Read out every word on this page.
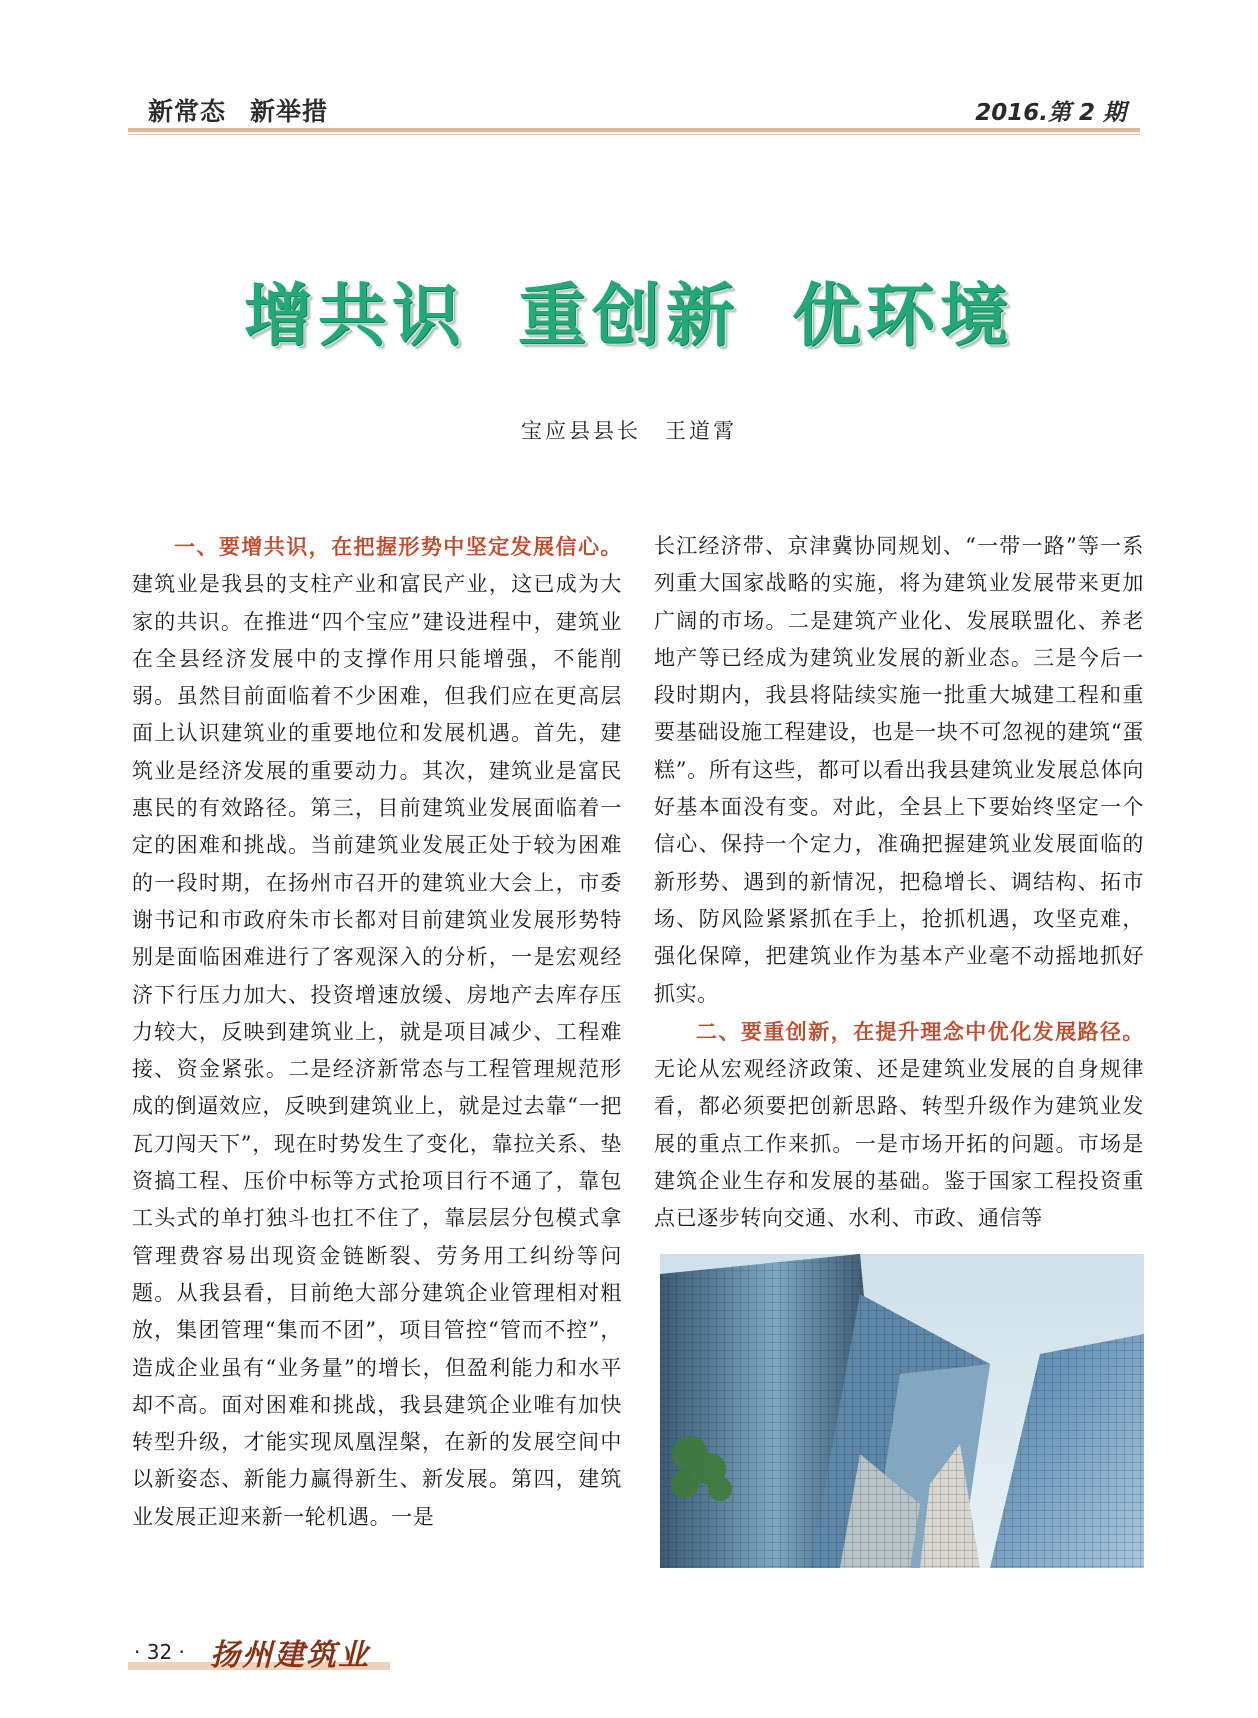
新常态 新举措	2016.第 2 期
增共识 重创新 优环境
宝应县县长 王道霄

一、要增共识，在把握形势中坚定发展信心。建筑业是我县的支柱产业和富民产业，这已成为大家的共识。在推进“四个宝应”建设进程中，建筑业在全县经济发展中的支撑作用只能增强，不能削弱。虽然目前面临着不少困难，但我们应在更高层面上认识建筑业的重要地位和发展机遇。首先，建筑业是经济发展的重要动力。其次，建筑业是富民惠民的有效路径。第三，目前建筑业发展面临着一定的困难和挑战。当前建筑业发展正处于较为困难的一段时期，在扬州市召开的建筑业大会上，市委谢书记和市政府朱市长都对目前建筑业发展形势特别是面临困难进行了客观深入的分析，一是宏观经济下行压力加大、投资增速放缓、房地产去库存压力较大，反映到建筑业上，就是项目减少、工程难接、资金紧张。二是经济新常态与工程管理规范形成的倒逼效应，反映到建筑业上，就是过去靠“一把瓦刀闯天下”，现在时势发生了变化，靠拉关系、垫资搞工程、压价中标等方式抢项目行不通了，靠包工头式的单打独斗也扛不住了，靠层层分包模式拿管理费容易出现资金链断裂、劳务用工纠纷等问题。从我县看，目前绝大部分建筑企业管理相对粗放，集团管理“集而不团”，项目管控“管而不控”，造成企业虽有“业务量”的增长，但盈利能力和水平却不高。面对困难和挑战，我县建筑企业唯有加快转型升级，才能实现凤凰涅槃，在新的发展空间中以新姿态、新能力赢得新生、新发展。第四，建筑业发展正迎来新一轮机遇。一是

长江经济带、京津冀协同规划、“一带一路”等一系列重大国家战略的实施，将为建筑业发展带来更加广阔的市场。二是建筑产业化、发展联盟化、养老地产等已经成为建筑业发展的新业态。三是今后一段时期内，我县将陆续实施一批重大城建工程和重要基础设施工程建设，也是一块不可忽视的建筑“蛋糕”。所有这些，都可以看出我县建筑业发展总体向好基本面没有变。对此，全县上下要始终坚定一个信心、保持一个定力，准确把握建筑业发展面临的新形势、遇到的新情况，把稳增长、调结构、拓市场、防风险紧紧抓在手上，抢抓机遇，攻坚克难，强化保障，把建筑业作为基本产业毫不动摇地抓好抓实。

二、要重创新，在提升理念中优化发展路径。无论从宏观经济政策、还是建筑业发展的自身规律看，都必须要把创新思路、转型升级作为建筑业发展的重点工作来抓。一是市场开拓的问题。市场是建筑企业生存和发展的基础。鉴于国家工程投资重点已逐步转向交通、水利、市政、通信等

· 32 · 扬州建筑业
